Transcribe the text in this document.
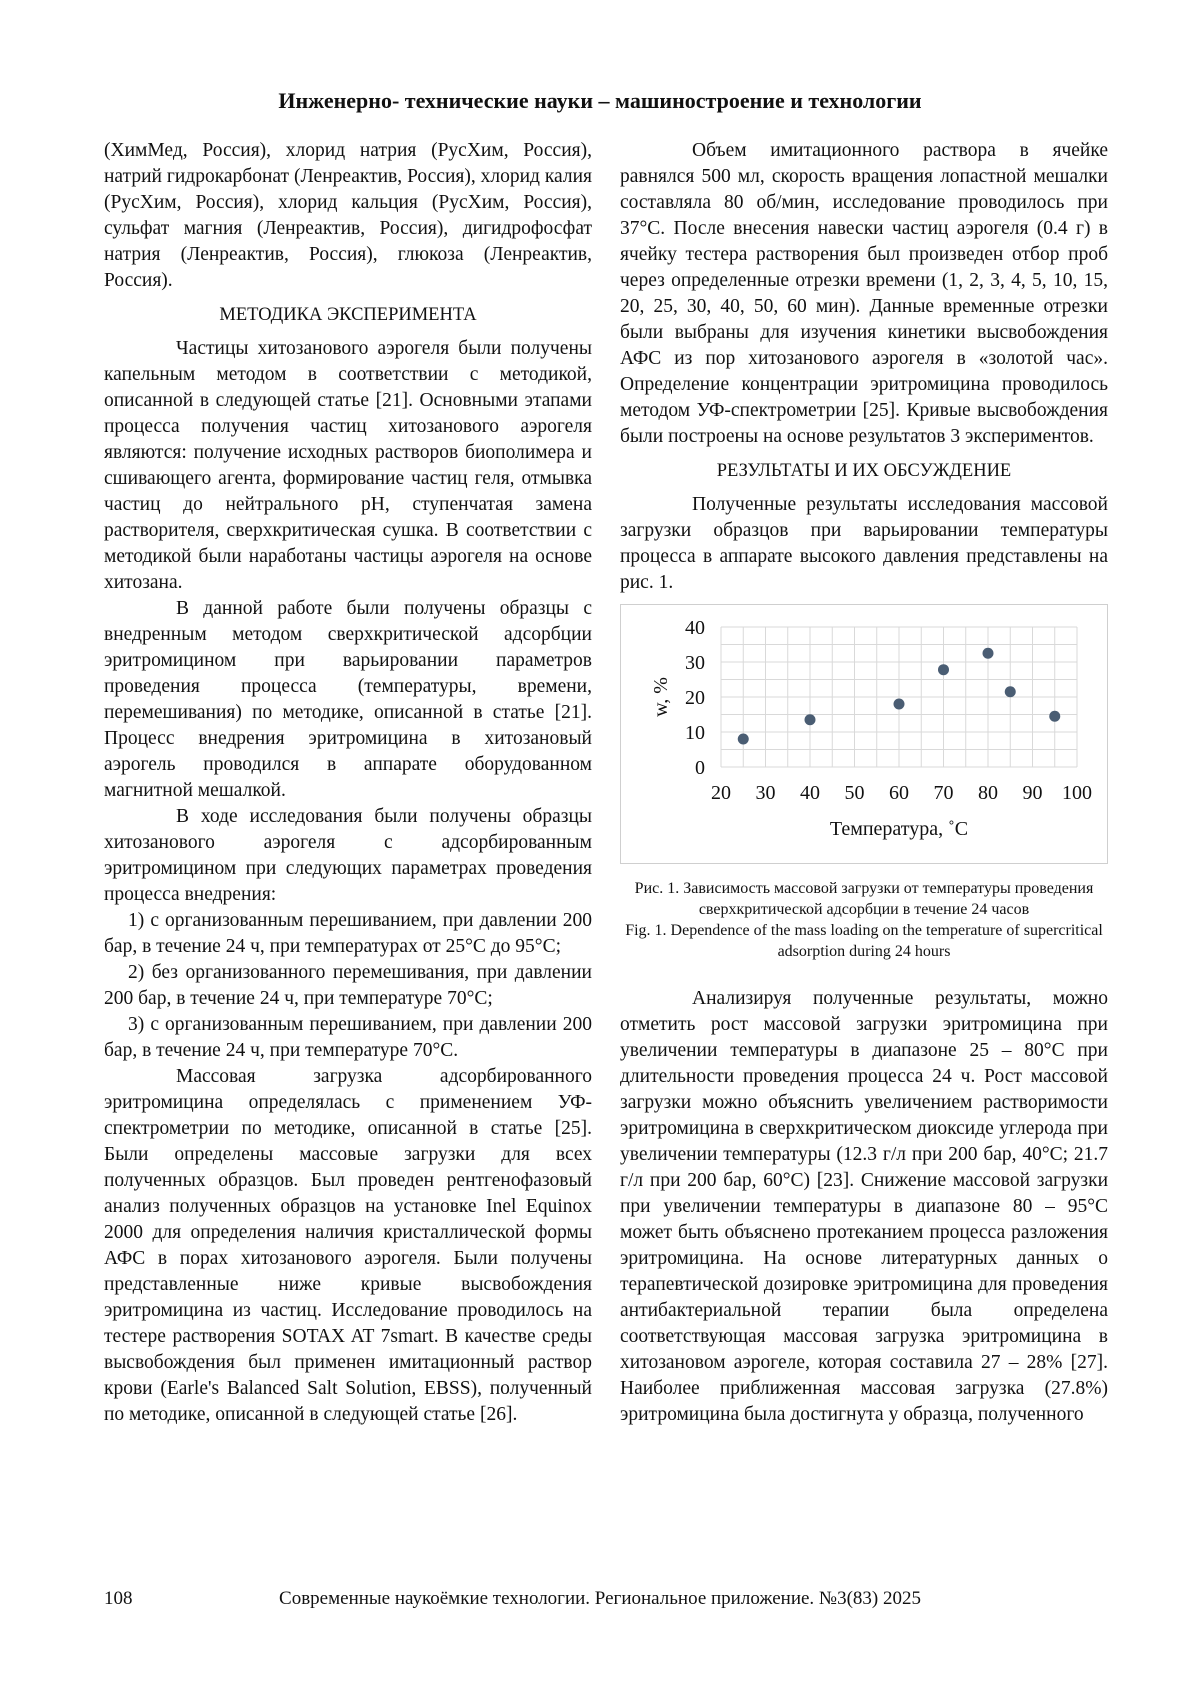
Инженерно- технические науки – машиностроение и технологии

(ХимМед, Россия), хлорид натрия (РусХим, Россия), натрий гидрокарбонат (Ленреактив, Россия), хлорид калия (РусХим, Россия), хлорид кальция (РусХим, Россия), сульфат магния (Ленреактив, Россия), дигидрофосфат натрия (Ленреактив, Россия), глюкоза (Ленреактив, Россия).

МЕТОДИКА ЭКСПЕРИМЕНТА

Частицы хитозанового аэрогеля были получены капельным методом в соответствии с методикой, описанной в следующей статье [21]. Основными этапами процесса получения частиц хитозанового аэрогеля являются: получение исходных растворов биополимера и сшивающего агента, формирование частиц геля, отмывка частиц до нейтрального pH, ступенчатая замена растворителя, сверхкритическая сушка. В соответствии с методикой были наработаны частицы аэрогеля на основе хитозана.

В данной работе были получены образцы с внедренным методом сверхкритической адсорбции эритромицином при варьировании параметров проведения процесса (температуры, времени, перемешивания) по методике, описанной в статье [21]. Процесс внедрения эритромицина в хитозановый аэрогель проводился в аппарате оборудованном магнитной мешалкой.

В ходе исследования были получены образцы хитозанового аэрогеля с адсорбированным эритромицином при следующих параметрах проведения процесса внедрения:

1) с организованным перешиванием, при давлении 200 бар, в течение 24 ч, при температурах от 25°C до 95°C;

2) без организованного перемешивания, при давлении 200 бар, в течение 24 ч, при температуре 70°C;

3) с организованным перешиванием, при давлении 200 бар, в течение 24 ч, при температуре 70°C.

Массовая загрузка адсорбированного эритромицина определялась с применением УФ-спектрометрии по методике, описанной в статье [25]. Были определены массовые загрузки для всех полученных образцов. Был проведен рентгенофазовый анализ полученных образцов на установке Inel Equinox 2000 для определения наличия кристаллической формы АФС в порах хитозанового аэрогеля. Были получены представленные ниже кривые высвобождения эритромицина из частиц. Исследование проводилось на тестере растворения SOTAX AT 7smart. В качестве среды высвобождения был применен имитационный раствор крови (Earle's Balanced Salt Solution, EBSS), полученный по методике, описанной в следующей статье [26].

Объем имитационного раствора в ячейке равнялся 500 мл, скорость вращения лопастной мешалки составляла 80 об/мин, исследование проводилось при 37°C. После внесения навески частиц аэрогеля (0.4 г) в ячейку тестера растворения был произведен отбор проб через определенные отрезки времени (1, 2, 3, 4, 5, 10, 15, 20, 25, 30, 40, 50, 60 мин). Данные временные отрезки были выбраны для изучения кинетики высвобождения АФС из пор хитозанового аэрогеля в «золотой час». Определение концентрации эритромицина проводилось методом УФ-спектрометрии [25]. Кривые высвобождения были построены на основе результатов 3 экспериментов.

РЕЗУЛЬТАТЫ И ИХ ОБСУЖДЕНИЕ

Полученные результаты исследования массовой загрузки образцов при варьировании температуры процесса в аппарате высокого давления представлены на рис. 1.

0
10
20
30
40
20 30 40 50 60 70 80 90 100
Температура, ˚C
w, %

Рис. 1. Зависимость массовой загрузки от температуры проведения сверхкритической адсорбции в течение 24 часов

Fig. 1. Dependence of the mass loading on the temperature of supercritical adsorption during 24 hours

Анализируя полученные результаты, можно отметить рост массовой загрузки эритромицина при увеличении температуры в диапазоне 25 – 80°C при длительности проведения процесса 24 ч. Рост массовой загрузки можно объяснить увеличением растворимости эритромицина в сверхкритическом диоксиде углерода при увеличении температуры (12.3 г/л при 200 бар, 40°C; 21.7 г/л при 200 бар, 60°C) [23]. Снижение массовой загрузки при увеличении температуры в диапазоне 80 – 95°C может быть объяснено протеканием процесса разложения эритромицина. На основе литературных данных о терапевтической дозировке эритромицина для проведения антибактериальной терапии была определена соответствующая массовая загрузка эритромицина в хитозановом аэрогеле, которая составила 27 – 28% [27]. Наиболее приближенная массовая загрузка (27.8%) эритромицина была достигнута у образца, полученного

108	Современные наукоёмкие технологии. Региональное приложение. №3(83) 2025
